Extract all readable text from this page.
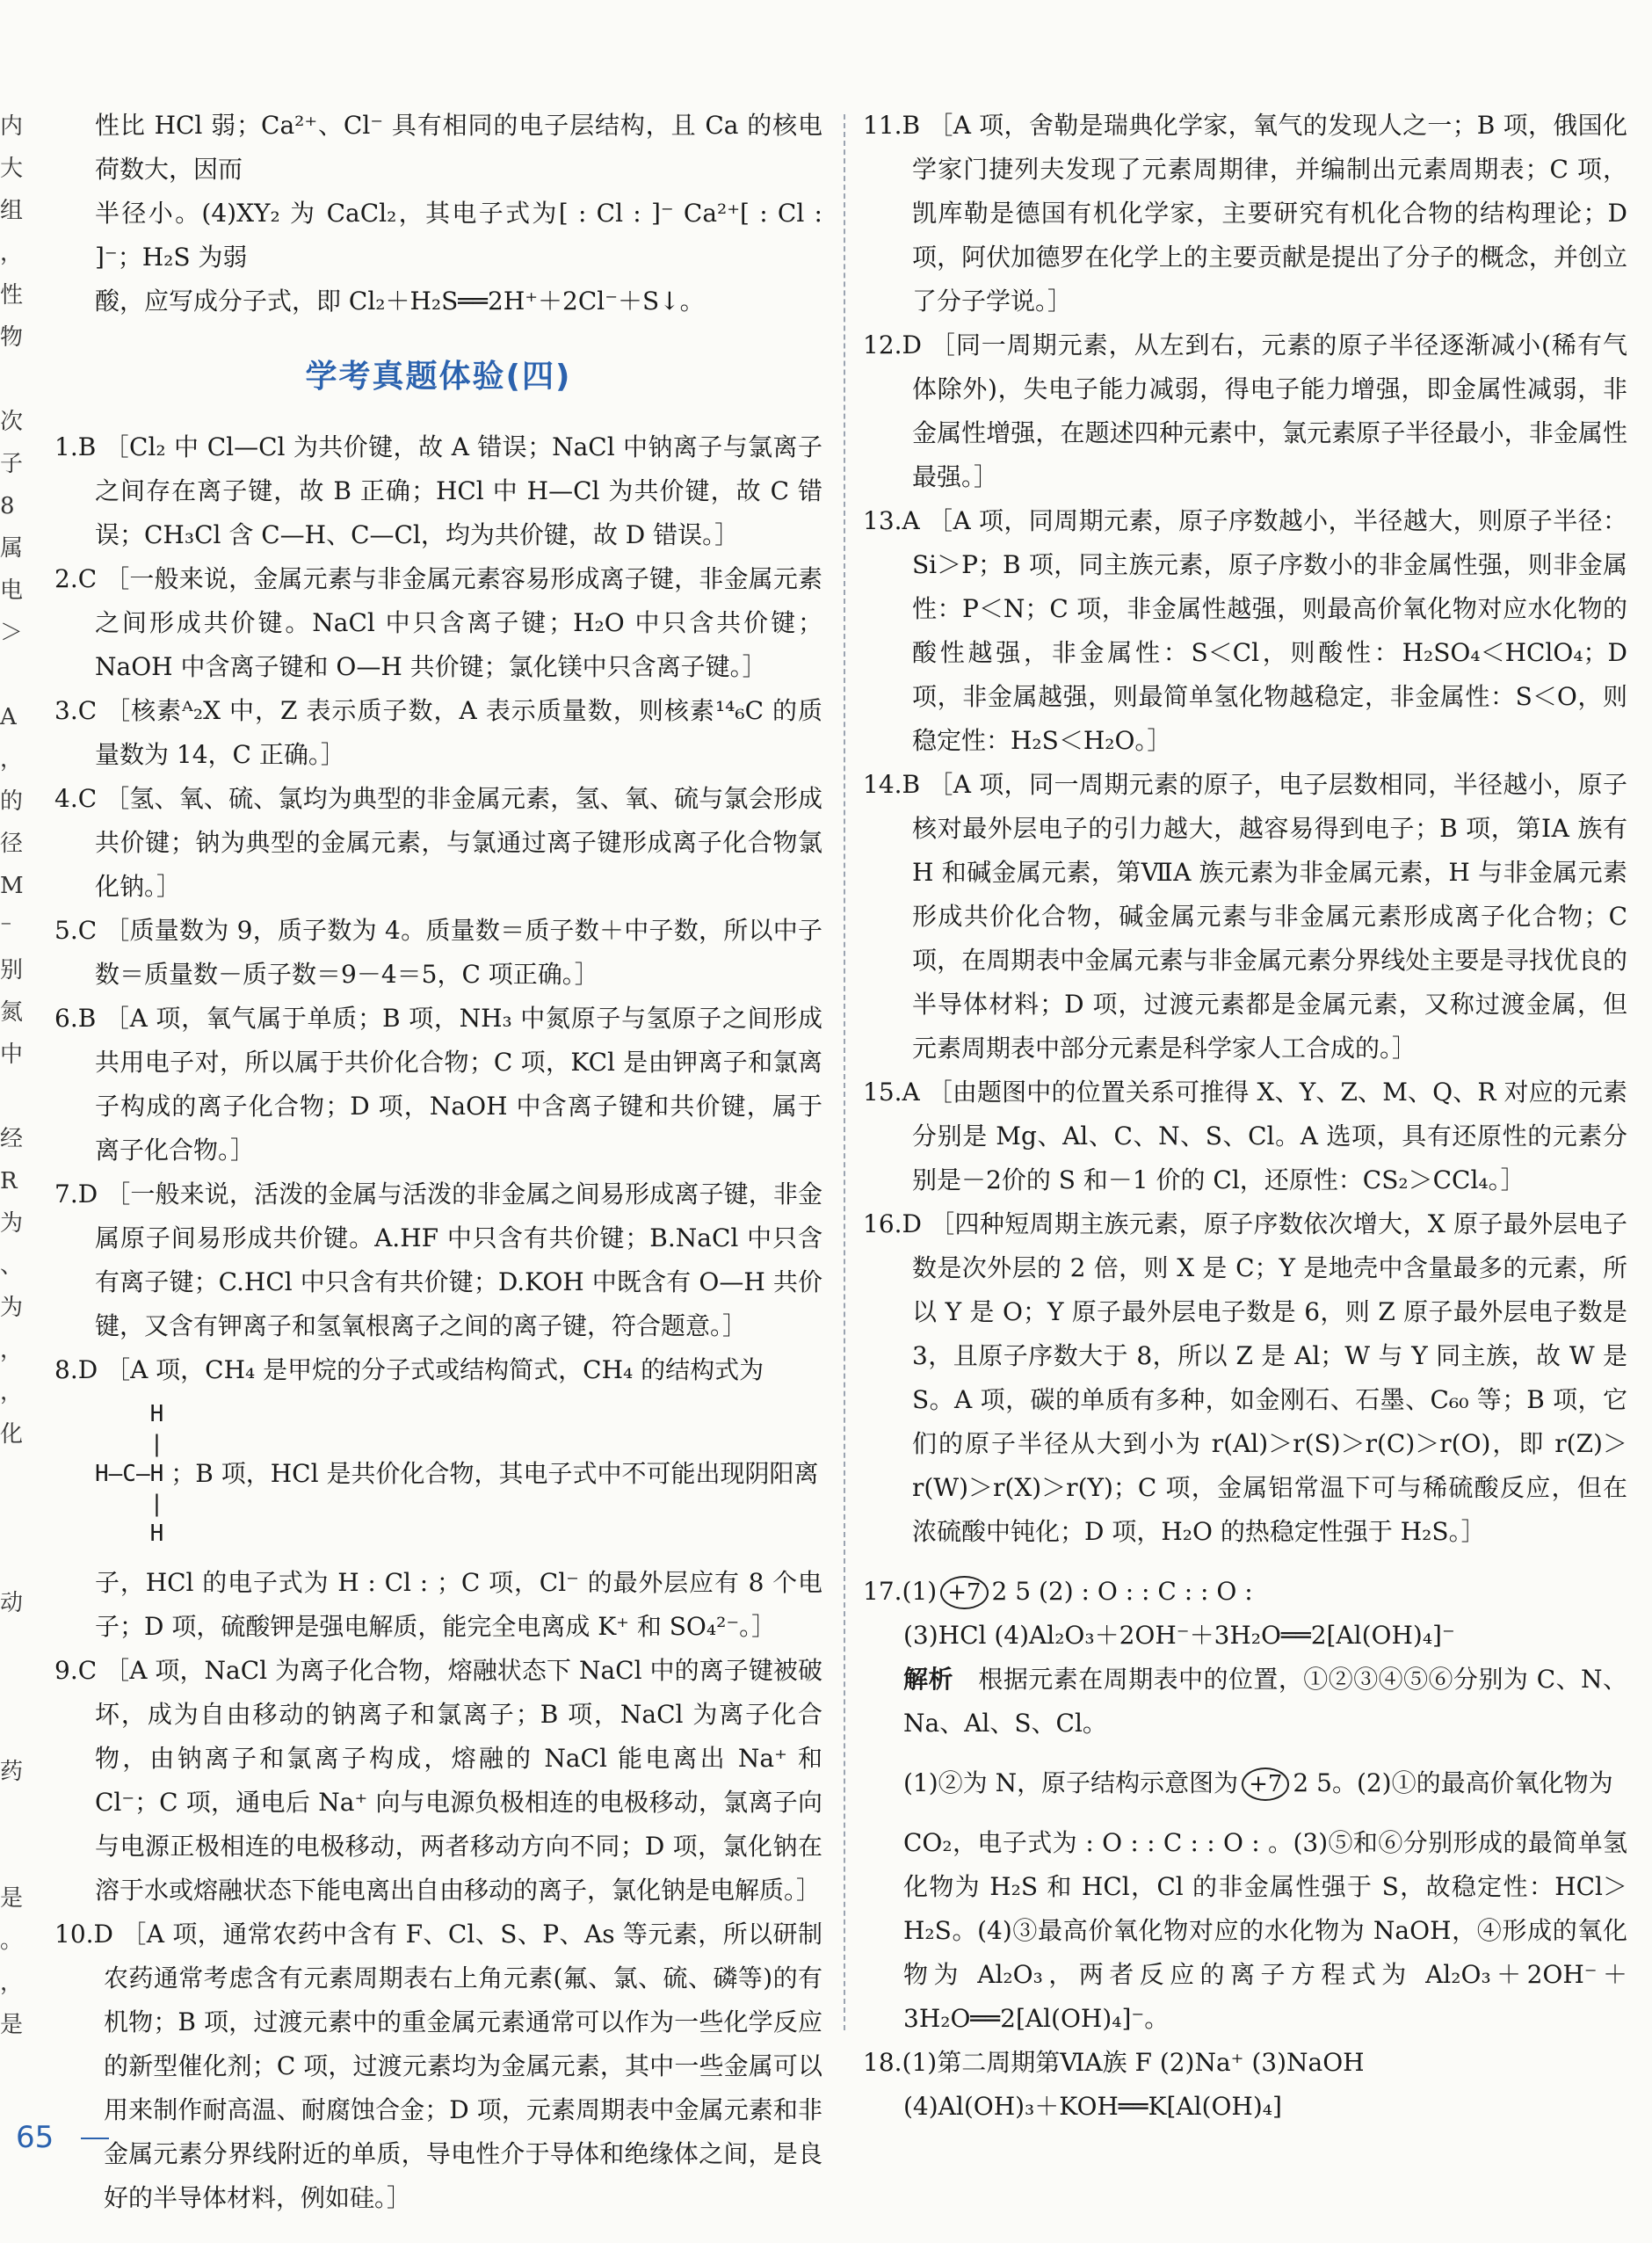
内
大
组
，
性
物

次
子
8
属
电
＞

A
，
的
径
M
⁻
别
氮
中

经
R
为
、
为
，
，
化

动

药

是
。
，
是

性比 HCl 弱；Ca²⁺、Cl⁻ 具有相同的电子层结构，且 Ca 的核电荷数大，因而

半径小。(4)XY₂ 为 CaCl₂，其电子式为[ : Cl : ]⁻ Ca²⁺[ : Cl : ]⁻；H₂S 为弱

酸，应写成分子式，即 Cl₂＋H₂S══2H⁺＋2Cl⁻＋S↓。

学考真题体验(四)

1.B ［Cl₂ 中 Cl—Cl 为共价键，故 A 错误；NaCl 中钠离子与氯离子之间存在离子键，故 B 正确；HCl 中 H—Cl 为共价键，故 C 错误；CH₃Cl 含 C—H、C—Cl，均为共价键，故 D 错误。］

2.C ［一般来说，金属元素与非金属元素容易形成离子键，非金属元素之间形成共价键。NaCl 中只含离子键；H₂O 中只含共价键；NaOH 中含离子键和 O—H 共价键；氯化镁中只含离子键。］

3.C ［核素ᴬ₂X 中，Z 表示质子数，A 表示质量数，则核素¹⁴₆C 的质量数为 14，C 正确。］

4.C ［氢、氧、硫、氯均为典型的非金属元素，氢、氧、硫与氯会形成共价键；钠为典型的金属元素，与氯通过离子键形成离子化合物氯化钠。］

5.C ［质量数为 9，质子数为 4。质量数＝质子数＋中子数，所以中子数＝质量数－质子数＝9－4＝5，C 项正确。］

6.B ［A 项，氧气属于单质；B 项，NH₃ 中氮原子与氢原子之间形成共用电子对，所以属于共价化合物；C 项，KCl 是由钾离子和氯离子构成的离子化合物；D 项，NaOH 中含离子键和共价键，属于离子化合物。］

7.D ［一般来说，活泼的金属与活泼的非金属之间易形成离子键，非金属原子间易形成共价键。A.HF 中只含有共价键；B.NaCl 中只含有离子键；C.HCl 中只含有共价键；D.KOH 中既含有 O—H 共价键，又含有钾离子和氢氧根离子之间的离子键，符合题意。］

8.D ［A 项，CH₄ 是甲烷的分子式或结构简式，CH₄ 的结构式为

H
|
H—C—H
|
H
；B 项，HCl 是共价化合物，其电子式中不可能出现阴阳离

子，HCl 的电子式为 H : Cl : ；C 项，Cl⁻ 的最外层应有 8 个电子；D 项，硫酸钾是强电解质，能完全电离成 K⁺ 和 SO₄²⁻。］

9.C ［A 项，NaCl 为离子化合物，熔融状态下 NaCl 中的离子键被破坏，成为自由移动的钠离子和氯离子；B 项，NaCl 为离子化合物，由钠离子和氯离子构成，熔融的 NaCl 能电离出 Na⁺ 和 Cl⁻；C 项，通电后 Na⁺ 向与电源负极相连的电极移动，氯离子向与电源正极相连的电极移动，两者移动方向不同；D 项，氯化钠在溶于水或熔融状态下能电离出自由移动的离子，氯化钠是电解质。］

10.D ［A 项，通常农药中含有 F、Cl、S、P、As 等元素，所以研制农药通常考虑含有元素周期表右上角元素(氟、氯、硫、磷等)的有机物；B 项，过渡元素中的重金属元素通常可以作为一些化学反应的新型催化剂；C 项，过渡元素均为金属元素，其中一些金属可以用来制作耐高温、耐腐蚀合金；D 项，元素周期表中金属元素和非金属元素分界线附近的单质，导电性介于导体和绝缘体之间，是良好的半导体材料，例如硅。］

11.B ［A 项，舍勒是瑞典化学家，氧气的发现人之一；B 项，俄国化学家门捷列夫发现了元素周期律，并编制出元素周期表；C 项，凯库勒是德国有机化学家，主要研究有机化合物的结构理论；D 项，阿伏加德罗在化学上的主要贡献是提出了分子的概念，并创立了分子学说。］

12.D ［同一周期元素，从左到右，元素的原子半径逐渐减小(稀有气体除外)，失电子能力减弱，得电子能力增强，即金属性减弱，非金属性增强，在题述四种元素中，氯元素原子半径最小，非金属性最强。］

13.A ［A 项，同周期元素，原子序数越小，半径越大，则原子半径：Si＞P；B 项，同主族元素，原子序数小的非金属性强，则非金属性：P＜N；C 项，非金属性越强，则最高价氧化物对应水化物的酸性越强，非金属性：S＜Cl，则酸性：H₂SO₄＜HClO₄；D 项，非金属越强，则最简单氢化物越稳定，非金属性：S＜O，则稳定性：H₂S＜H₂O。］

14.B ［A 项，同一周期元素的原子，电子层数相同，半径越小，原子核对最外层电子的引力越大，越容易得到电子；B 项，第ⅠA 族有 H 和碱金属元素，第ⅦA 族元素为非金属元素，H 与非金属元素形成共价化合物，碱金属元素与非金属元素形成离子化合物；C 项，在周期表中金属元素与非金属元素分界线处主要是寻找优良的半导体材料；D 项，过渡元素都是金属元素，又称过渡金属，但元素周期表中部分元素是科学家人工合成的。］

15.A ［由题图中的位置关系可推得 X、Y、Z、M、Q、R 对应的元素分别是 Mg、Al、C、N、S、Cl。A 选项，具有还原性的元素分别是－2价的 S 和－1 价的 Cl，还原性：CS₂＞CCl₄。］

16.D ［四种短周期主族元素，原子序数依次增大，X 原子最外层电子数是次外层的 2 倍，则 X 是 C；Y 是地壳中含量最多的元素，所以 Y 是 O；Y 原子最外层电子数是 6，则 Z 原子最外层电子数是 3，且原子序数大于 8，所以 Z 是 Al；W 与 Y 同主族，故 W 是 S。A 项，碳的单质有多种，如金刚石、石墨、C₆₀ 等；B 项，它们的原子半径从大到小为 r(Al)＞r(S)＞r(C)＞r(O)，即 r(Z)＞r(W)＞r(X)＞r(Y)；C 项，金属铝常温下可与稀硫酸反应，但在浓硫酸中钝化；D 项，H₂O 的热稳定性强于 H₂S。］

17.(1) +7 2 5 (2) : O : : C : : O :

(3)HCl (4)Al₂O₃＋2OH⁻＋3H₂O══2[Al(OH)₄]⁻

解析　 根据元素在周期表中的位置，①②③④⑤⑥分别为 C、N、Na、Al、S、Cl。

(1)②为 N，原子结构示意图为 +7 2 5。(2)①的最高价氧化物为

CO₂，电子式为 : O : : C : : O : 。(3)⑤和⑥分别形成的最简单氢化物为 H₂S 和 HCl，Cl 的非金属性强于 S，故稳定性：HCl＞H₂S。(4)③最高价氧化物对应的水化物为 NaOH，④形成的氧化物为 Al₂O₃，两者反应的离子方程式为 Al₂O₃＋2OH⁻＋3H₂O══2[Al(OH)₄]⁻。

18.(1)第二周期第ⅥA族 F (2)Na⁺ (3)NaOH

(4)Al(OH)₃＋KOH══K[Al(OH)₄]

65
